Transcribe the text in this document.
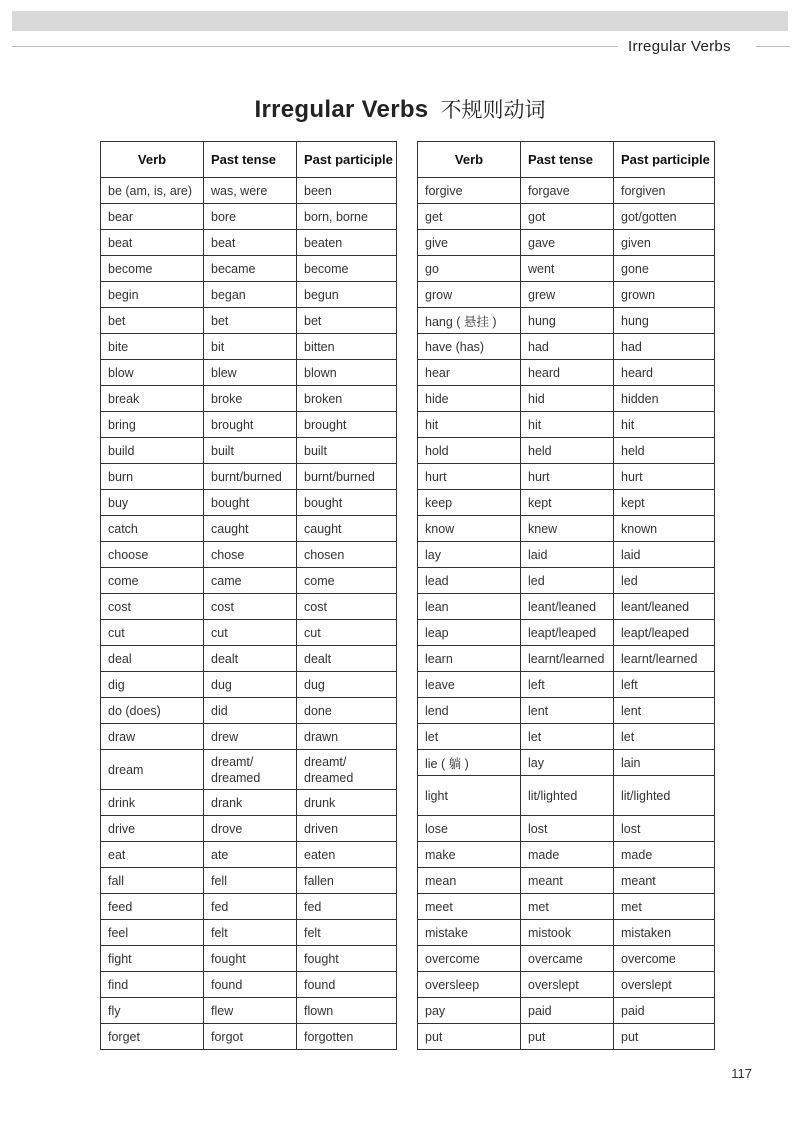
Irregular Verbs
Irregular Verbs 不规则动词
Verb	Past tense	Past participle
be (am, is, are)	was, were	been
bear	bore	born, borne
beat	beat	beaten
become	became	become
begin	began	begun
bet	bet	bet
bite	bit	bitten
blow	blew	blown
break	broke	broken
bring	brought	brought
build	built	built
burn	burnt/burned	burnt/burned
buy	bought	bought
catch	caught	caught
choose	chose	chosen
come	came	come
cost	cost	cost
cut	cut	cut
deal	dealt	dealt
dig	dug	dug
do (does)	did	done
draw	drew	drawn
dream	dreamt/ dreamed	dreamt/ dreamed
drink	drank	drunk
drive	drove	driven
eat	ate	eaten
fall	fell	fallen
feed	fed	fed
feel	felt	felt
fight	fought	fought
find	found	found
fly	flew	flown
forget	forgot	forgotten
Verb	Past tense	Past participle
forgive	forgave	forgiven
get	got	got/gotten
give	gave	given
go	went	gone
grow	grew	grown
hang ( 悬挂 )	hung	hung
have (has)	had	had
hear	heard	heard
hide	hid	hidden
hit	hit	hit
hold	held	held
hurt	hurt	hurt
keep	kept	kept
know	knew	known
lay	laid	laid
lead	led	led
lean	leant/leaned	leant/leaned
leap	leapt/leaped	leapt/leaped
learn	learnt/learned	learnt/learned
leave	left	left
lend	lent	lent
let	let	let
lie ( 躺 )	lay	lain
light	lit/lighted	lit/lighted
lose	lost	lost
make	made	made
mean	meant	meant
meet	met	met
mistake	mistook	mistaken
overcome	overcame	overcome
oversleep	overslept	overslept
pay	paid	paid
put	put	put
117
